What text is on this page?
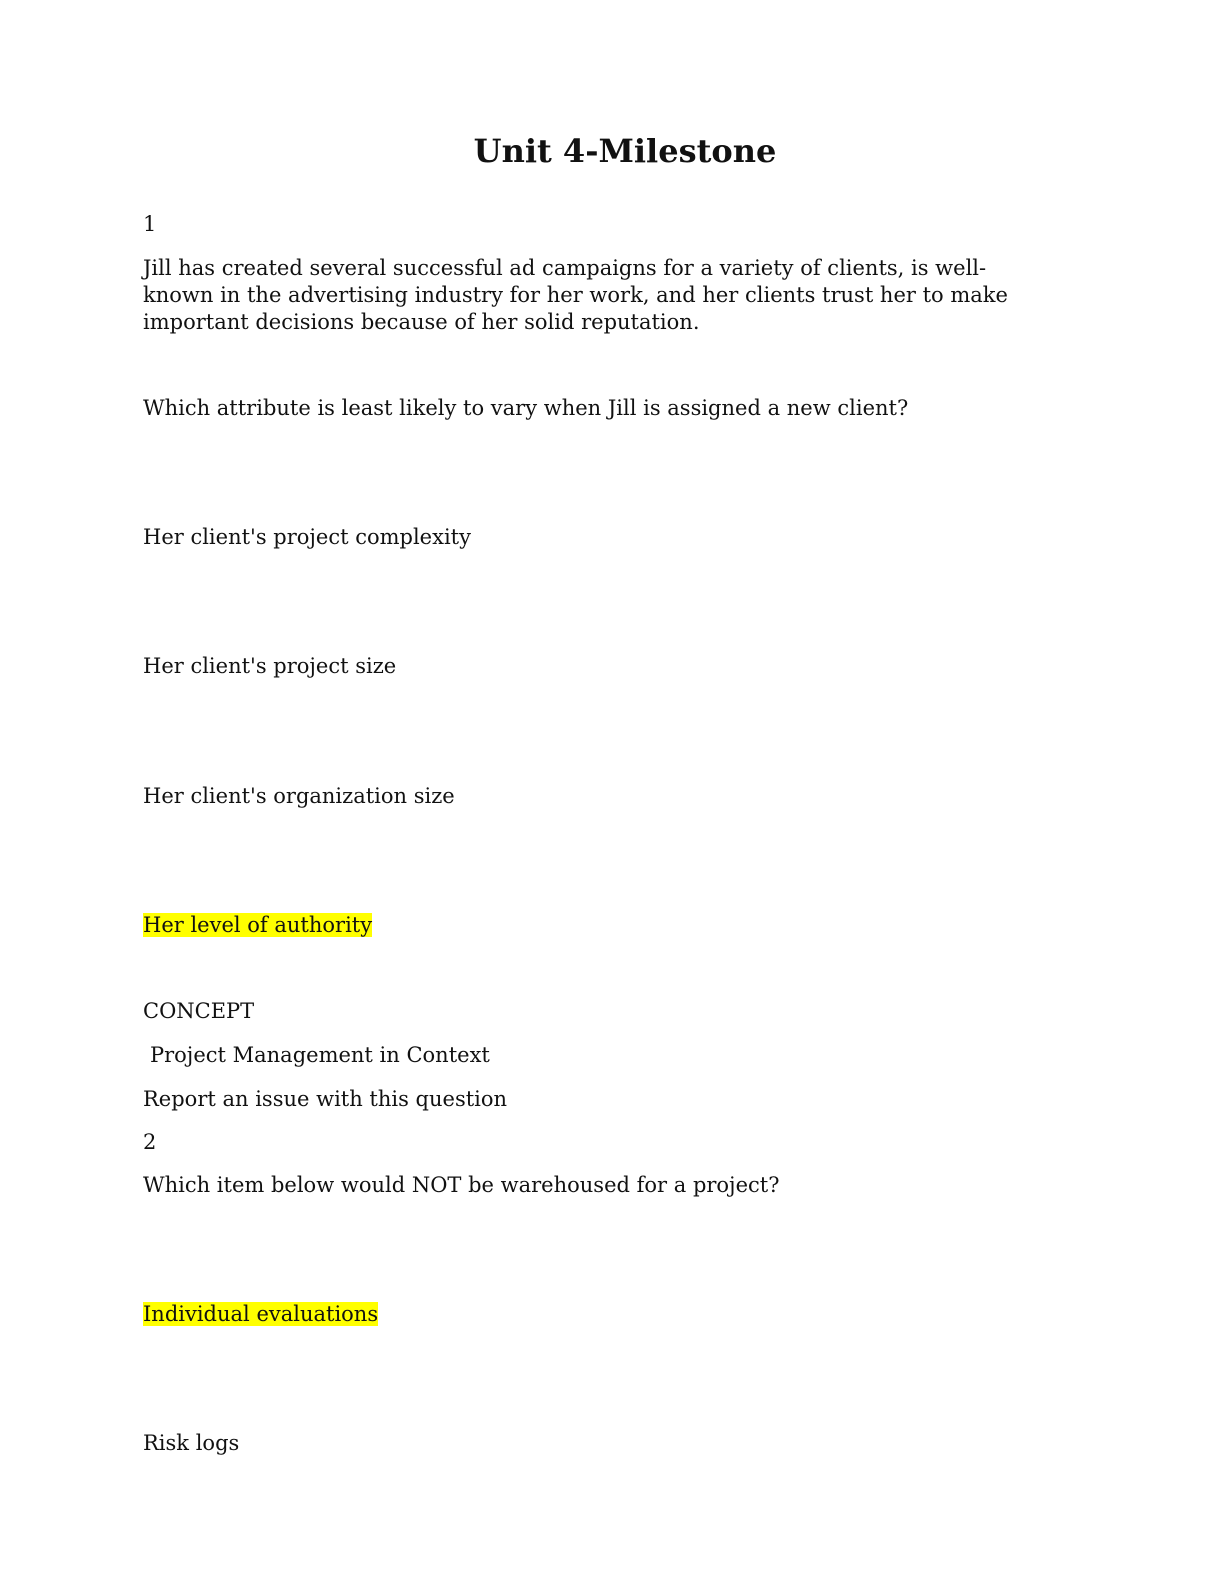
Unit 4-Milestone

1

Jill has created several successful ad campaigns for a variety of clients, is well-
known in the advertising industry for her work, and her clients trust her to make
important decisions because of her solid reputation.

Which attribute is least likely to vary when Jill is assigned a new client?

Her client's project complexity

Her client's project size

Her client's organization size

Her level of authority

CONCEPT

Project Management in Context

Report an issue with this question

2

Which item below would NOT be warehoused for a project?

Individual evaluations

Risk logs
